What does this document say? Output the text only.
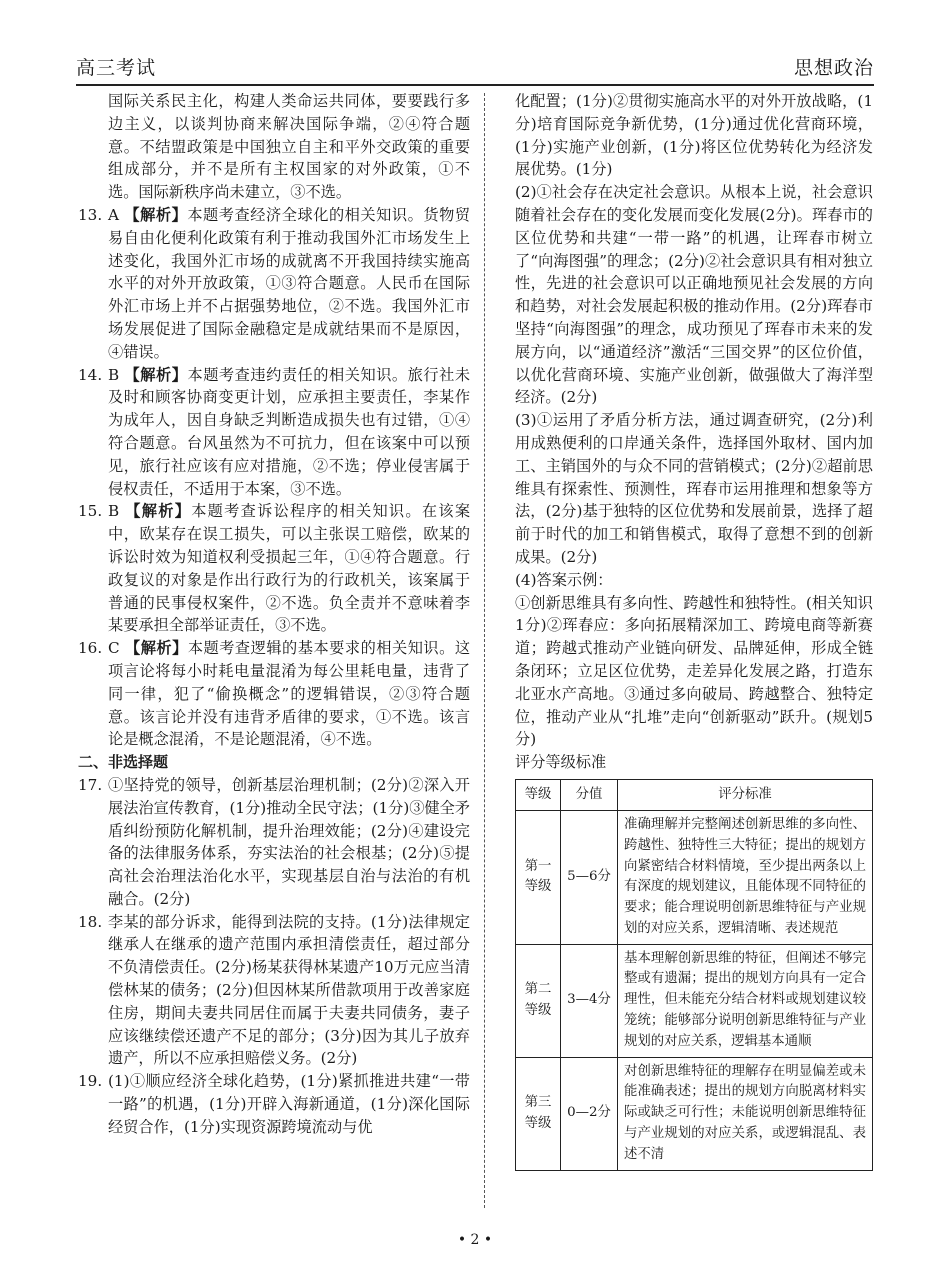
高三考试	思想政治

国际关系民主化，构建人类命运共同体，要要践行多边主义，以谈判协商来解决国际争端，②④符合题意。不结盟政策是中国独立自主和平外交政策的重要组成部分，并不是所有主权国家的对外政策，①不选。国际新秩序尚未建立，③不选。

13. A 【解析】本题考查经济全球化的相关知识。货物贸易自由化便利化政策有利于推动我国外汇市场发生上述变化，我国外汇市场的成就离不开我国持续实施高水平的对外开放政策，①③符合题意。人民币在国际外汇市场上并不占据强势地位，②不选。我国外汇市场发展促进了国际金融稳定是成就结果而不是原因，④错误。
14. B 【解析】本题考查违约责任的相关知识。旅行社未及时和顾客协商变更计划，应承担主要责任，李某作为成年人，因自身缺乏判断造成损失也有过错，①④符合题意。台风虽然为不可抗力，但在该案中可以预见，旅行社应该有应对措施，②不选；停业侵害属于侵权责任，不适用于本案，③不选。
15. B 【解析】本题考查诉讼程序的相关知识。在该案中，欧某存在误工损失，可以主张误工赔偿，欧某的诉讼时效为知道权利受损起三年，①④符合题意。行政复议的对象是作出行政行为的行政机关，该案属于普通的民事侵权案件，②不选。负全责并不意味着李某要承担全部举证责任，③不选。
16. C 【解析】本题考查逻辑的基本要求的相关知识。这项言论将每小时耗电量混淆为每公里耗电量，违背了同一律，犯了“偷换概念”的逻辑错误，②③符合题意。该言论并没有违背矛盾律的要求，①不选。该言论是概念混淆，不是论题混淆，④不选。

二、非选择题

17. ①坚持党的领导，创新基层治理机制；(2分)②深入开展法治宣传教育，(1分)推动全民守法；(1分)③健全矛盾纠纷预防化解机制，提升治理效能；(2分)④建设完备的法律服务体系，夯实法治的社会根基；(2分)⑤提高社会治理法治化水平，实现基层自治与法治的有机融合。(2分)
18. 李某的部分诉求，能得到法院的支持。(1分)法律规定继承人在继承的遗产范围内承担清偿责任，超过部分不负清偿责任。(2分)杨某获得林某遗产10万元应当清偿林某的债务；(2分)但因林某所借款项用于改善家庭住房，期间夫妻共同居住而属于夫妻共同债务，妻子应该继续偿还遗产不足的部分；(3分)因为其儿子放弃遗产，所以不应承担赔偿义务。(2分)
19. (1)①顺应经济全球化趋势，(1分)紧抓推进共建“一带一路”的机遇，(1分)开辟入海新通道，(1分)深化国际经贸合作，(1分)实现资源跨境流动与优

化配置；(1分)②贯彻实施高水平的对外开放战略，(1分)培育国际竞争新优势，(1分)通过优化营商环境，(1分)实施产业创新，(1分)将区位优势转化为经济发展优势。(1分)

(2)①社会存在决定社会意识。从根本上说，社会意识随着社会存在的变化发展而变化发展(2分)。珲春市的区位优势和共建“一带一路”的机遇，让珲春市树立了“向海图强”的理念；(2分)②社会意识具有相对独立性，先进的社会意识可以正确地预见社会发展的方向和趋势，对社会发展起积极的推动作用。(2分)珲春市坚持“向海图强”的理念，成功预见了珲春市未来的发展方向，以“通道经济”激活“三国交界”的区位价值，以优化营商环境、实施产业创新，做强做大了海洋型经济。(2分)

(3)①运用了矛盾分析方法，通过调查研究，(2分)利用成熟便利的口岸通关条件，选择国外取材、国内加工、主销国外的与众不同的营销模式；(2分)②超前思维具有探索性、预测性，珲春市运用推理和想象等方法，(2分)基于独特的区位优势和发展前景，选择了超前于时代的加工和销售模式，取得了意想不到的创新成果。(2分)

(4)答案示例：

①创新思维具有多向性、跨越性和独特性。(相关知识1分)②珲春应：多向拓展精深加工、跨境电商等新赛道；跨越式推动产业链向研发、品牌延伸，形成全链条闭环；立足区位优势，走差异化发展之路，打造东北亚水产高地。③通过多向破局、跨越整合、独特定位，推动产业从“扎堆”走向“创新驱动”跃升。(规划5分)

评分等级标准

等级	分值	评分标准
第一等级	5—6分	准确理解并完整阐述创新思维的多向性、跨越性、独特性三大特征；提出的规划方向紧密结合材料情境，至少提出两条以上有深度的规划建议，且能体现不同特征的要求；能合理说明创新思维特征与产业规划的对应关系，逻辑清晰、表述规范
第二等级	3—4分	基本理解创新思维的特征，但阐述不够完整或有遗漏；提出的规划方向具有一定合理性，但未能充分结合材料或规划建议较笼统；能够部分说明创新思维特征与产业规划的对应关系，逻辑基本通顺
第三等级	0—2分	对创新思维特征的理解存在明显偏差或未能准确表述；提出的规划方向脱离材料实际或缺乏可行性；未能说明创新思维特征与产业规划的对应关系，或逻辑混乱、表述不清
• 2 •
